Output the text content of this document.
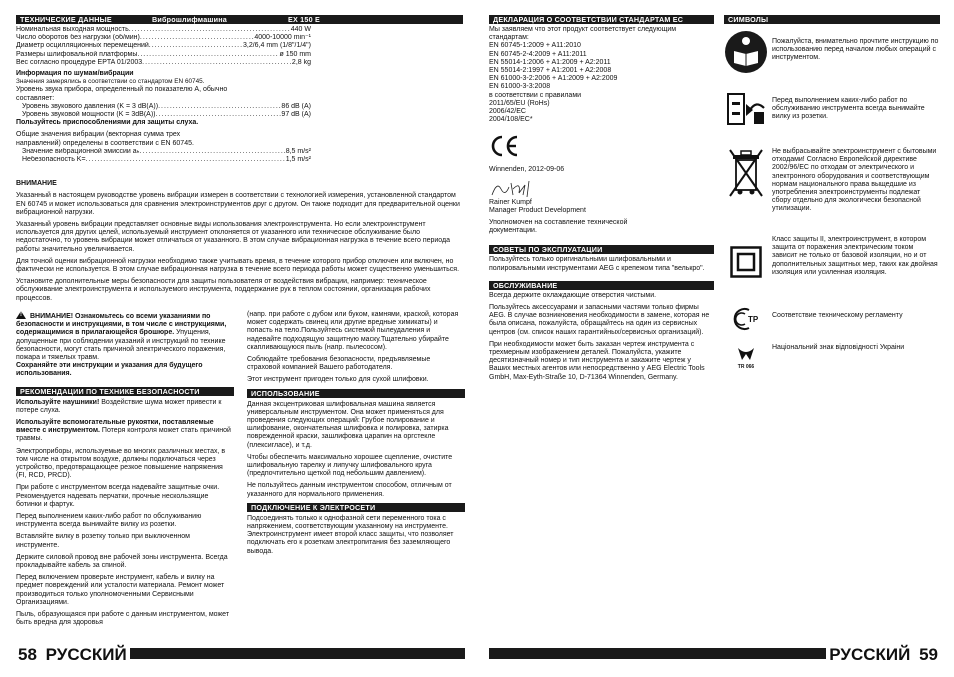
ТЕХНИЧЕСКИЕ ДАННЫЕ	Виброшлифмашина	EX 150 E
Номинальная выходная мощность .....	440 W
Число оборотов без нагрузки (об/мин) .....	4000-10000 min⁻¹
Диаметр осцилляционных перемещений .....	3,2/6,4 mm (1/8"/1/4")
Размеры шлифовальной платформы .....	ø 150 mm
Вес согласно процедуре EPTA 01/2003 .....	2,8 kg
Информация по шумам/вибрации
Значения замерялись в соответствии со стандартом EN 60745.
Уровень звука прибора, определенный по показателю A, обычно составляет:
Уровень звукового давления (K = 3 dB(A)) .....	86 dB (A)
Уровень звуковой мощности (K = 3dB(A)) .....	97 dB (A)
Пользуйтесь приспособлениями для защиты слуха.
Общие значения вибрации (векторная сумма трех направлений) определены в соответствии с EN 60745.
Значение вибрационной эмиссии aₕ .....	8,5 m/s²
Небезопасность K= .....	1,5 m/s²
ВНИМАНИЕ

Указанный в настоящем руководстве уровень вибрации измерен в соответствии с технологией измерения, установленной стандартом EN 60745 и может использоваться для сравнения электроинструментов друг с другом. Он также подходит для предварительной оценки вибрационной нагрузки.

Указанный уровень вибрации представляет основные виды использования электроинструмента. Но если электроинструмент используется для других целей, используемый инструмент отклоняется от указанного или техническое обслуживание было недостаточно, то уровень вибрации может отличаться от указанного. В этом случае вибрационная нагрузка в течение всего периода работы значительно увеличивается.

Для точной оценки вибрационной нагрузки необходимо также учитывать время, в течение которого прибор отключен или включен, но фактически не используется. В этом случае вибрационная нагрузка в течение всего периода работы может существенно уменьшиться.

Установите дополнительные меры безопасности для защиты пользователя от воздействия вибрации, например: техническое обслуживание электроинструмента и используемого инструмента, поддержание рук в теплом состоянии, организация рабочих процессов.

! ВНИМАНИЕ! Ознакомьтесь со всеми указаниями по безопасности и инструкциями, в том числе с инструкциями, содержащимися в прилагающейся брошюре. Упущения, допущенные при соблюдении указаний и инструкций по технике безопасности, могут стать причиной электрического поражения, пожара и тяжелых травм.
Сохраняйте эти инструкции и указания для будущего использования.

РЕКОМЕНДАЦИИ ПО ТЕХНИКЕ БЕЗОПАСНОСТИ

Используйте наушники! Воздействие шума может привести к потере слуха.

Используйте вспомогательные рукоятки, поставляемые вместе с инструментом. Потеря контроля может стать причиной травмы.

Электроприборы, используемые во многих различных местах, в том числе на открытом воздухе, должны подключаться через устройство, предотвращающее резкое повышение напряжения (FI, RCD, PRCD).

При работе с инструментом всегда надевайте защитные очки. Рекомендуется надевать перчатки, прочные нескользящие ботинки и фартук.

Перед выполнением каких-либо работ по обслуживанию инструмента всегда вынимайте вилку из розетки.

Вставляйте вилку в розетку только при выключенном инструменте.

Держите силовой провод вне рабочей зоны инструмента. Всегда прокладывайте кабель за спиной.

Перед включением проверьте инструмент, кабель и вилку на предмет повреждений или усталости материала. Ремонт может производиться только уполномоченными Сервисными Организациями.

Пыль, образующаяся при работе с данным инструментом, может быть вредна для здоровья

(напр. при работе с дубом или буком, камнями, краской, которая может содержать свинец или другие вредные химикаты) и попасть на тело.Пользуйтесь системой пылеудаления и надевайте подходящую защитную маску.Тщательно убирайте скапливающуюся пыль (напр. пылесосом).

Соблюдайте требования безопасности, предъявляемые страховой компанией Вашего работодателя.

Этот инструмент пригоден только для сухой шлифовки.

ИСПОЛЬЗОВАНИЕ

Данная эксцентриковая шлифовальная машина является универсальным инструментом. Она может применяться для проведения следующих операций: Грубое полирование и шлифование, окончательная шлифовка и полировка, затирка поврежденной краски, зашлифовка царапин на оргстекле (плексигласе), и т.д.

Чтобы обеспечить максимально хорошее сцепление, очистите шлифовальную тарелку и липучку шлифовального круга (предпочтительно щеткой под небольшим давлением).

Не пользуйтесь данным инструментом способом, отличным от указанного для нормального применения.

ПОДКЛЮЧЕНИЕ К ЭЛЕКТРОСЕТИ

Подсоединять только к однофазной сети переменного тока с напряжением, соответствующим указанному на инструменте. Электроинструмент имеет второй класс защиты, что позволяет подключать его к розеткам электропитания без заземляющего вывода.

58 РУССКИЙ
ДЕКЛАРАЦИЯ О СООТВЕТСТВИИ СТАНДАРТАМ ЕС
Мы заявляем что этот продукт соответствует следующим стандартам:
EN 60745-1:2009 + A11:2010
EN 60745-2-4:2009 + A11:2011
EN 55014-1:2006 + A1:2009 + A2:2011
EN 55014-2:1997 + A1:2001 + A2:2008
EN 61000-3-2:2006 + A1:2009 + A2:2009
EN 61000-3-3:2008
в соответствии с правилами
2011/65/EU (RoHs)
2006/42/EC
2004/108/EC*
Winnenden, 2012-09-06
Rainer Kumpf
Manager Product Development
Уполномочен на составление технической документации.
СОВЕТЫ ПО ЭКСПЛУАТАЦИИ

Пользуйтесь только оригинальными шлифовальными и полировальными инструментами AEG с крепежом типа "велькро".

ОБСЛУЖИВАНИЕ

Всегда держите охлаждающие отверстия чистыми.

Пользуйтесь аксессуарами и запасными частями только фирмы AEG. В случае возникновения необходимости в замене, которая не была описана, пожалуйста, обращайтесь на один из сервисных центров (см. список наших гарантийных/сервисных организаций).

При необходимости может быть заказан чертеж инструмента с трехмерным изображением деталей. Пожалуйста, укажите десятизначный номер и тип инструмента и закажите чертеж у Ваших местных агентов или непосредственно у AEG Electric Tools GmbH, Max-Eyth-Straße 10, D-71364 Winnenden, Germany.

СИМВОЛЫ
Пожалуйста, внимательно прочтите инструкцию по использованию перед началом любых операций с инструментом.
Перед выполнением каких-либо работ по обслуживанию инструмента всегда вынимайте вилку из розетки.
Не выбрасывайте электроинструмент с бытовыми отходами! Согласно Европейской директиве 2002/96/ЕС по отходам от электрического и электронного оборудования и соответствующим нормам национального права выщедшие из употребления электроинструменты подлежат сбору отдельно для экологически безопасной утилизации.
Класс защиты II, электроинструмент, в котором защита от поражения электрическим током зависит не только от базовой изоляции, но и от дополнительных защитных мер, таких как двойная изоляция или усиленная изоляция.
TP Соответствие техническому регламенту
TR 066
Національний знак відповідності Украіни
РУССКИЙ 59
